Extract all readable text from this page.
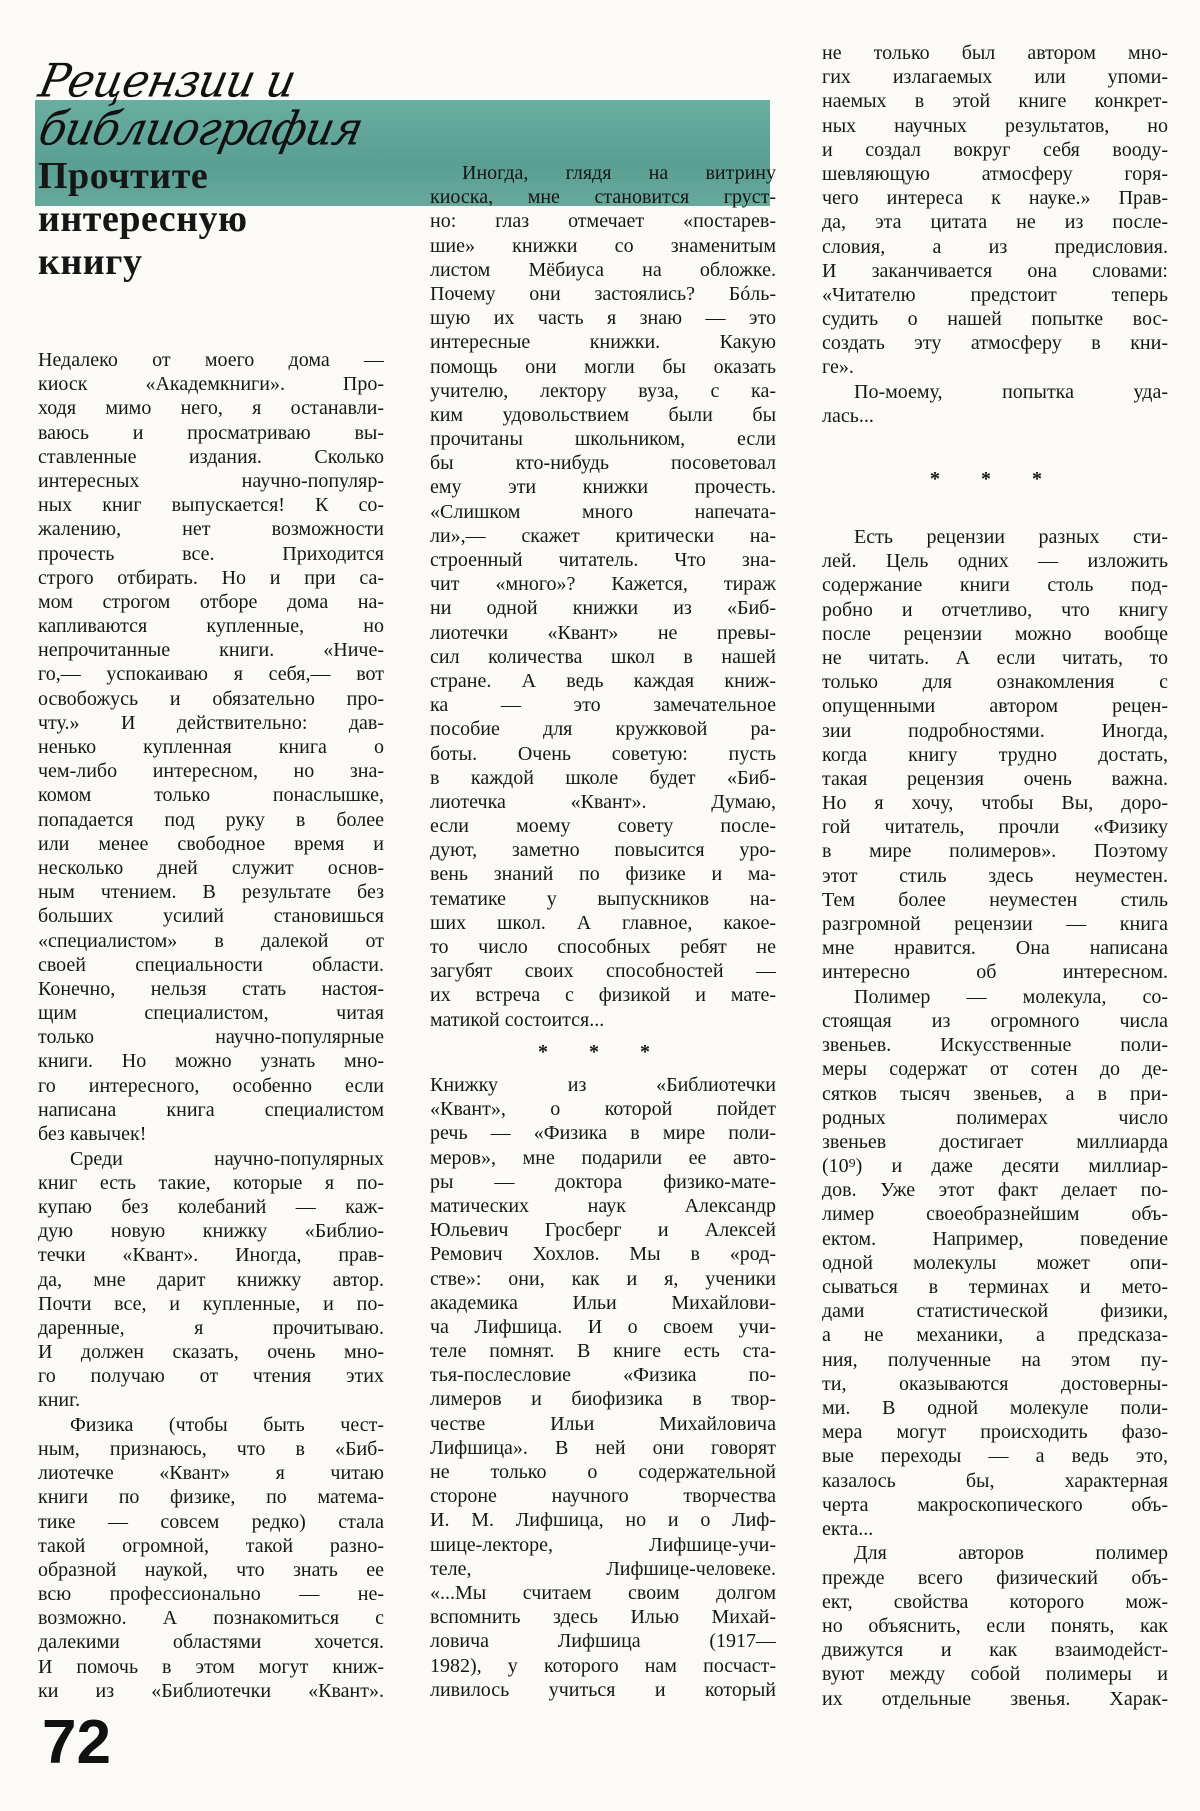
Рецензии и
библиография
Прочтите
интересную
книгу
Недалеко от моего дома —
киоск «Академкниги». Про-
ходя мимо него, я останавли-
ваюсь и просматриваю вы-
ставленные издания. Сколько
интересных научно-популяр-
ных книг выпускается! К со-
жалению, нет возможности
прочесть все. Приходится
строго отбирать. Но и при са-
мом строгом отборе дома на-
капливаются купленные, но
непрочитанные книги. «Ниче-
го,— успокаиваю я себя,— вот
освобожусь и обязательно про-
чту.» И действительно: дав-
ненько купленная книга о
чем-либо интересном, но зна-
комом только понаслышке,
попадается под руку в более
или менее свободное время и
несколько дней служит основ-
ным чтением. В результате без
больших усилий становишься
«специалистом» в далекой от
своей специальности области.
Конечно, нельзя стать настоя-
щим специалистом, читая
только научно-популярные
книги. Но можно узнать мно-
го интересного, особенно если
написана книга специалистом
без кавычек!
Среди научно-популярных
книг есть такие, которые я по-
купаю без колебаний — каж-
дую новую книжку «Библио-
течки «Квант». Иногда, прав-
да, мне дарит книжку автор.
Почти все, и купленные, и по-
даренные, я прочитываю.
И должен сказать, очень мно-
го получаю от чтения этих
книг.
Физика (чтобы быть чест-
ным, признаюсь, что в «Биб-
лиотечке «Квант» я читаю
книги по физике, по матема-
тике — совсем редко) стала
такой огромной, такой разно-
образной наукой, что знать ее
всю профессионально — не-
возможно. А познакомиться с
далекими областями хочется.
И помочь в этом могут книж-
ки из «Библиотечки «Квант».
Иногда, глядя на витрину
киоска, мне становится груст-
но: глаз отмечает «постарев-
шие» книжки со знаменитым
листом Мёбиуса на обложке.
Почему они застоялись? Бóль-
шую их часть я знаю — это
интересные книжки. Какую
помощь они могли бы оказать
учителю, лектору вуза, с ка-
ким удовольствием были бы
прочитаны школьником, если
бы кто-нибудь посоветовал
ему эти книжки прочесть.
«Слишком много напечата-
ли»,— скажет критически на-
строенный читатель. Что зна-
чит «много»? Кажется, тираж
ни одной книжки из «Биб-
лиотечки «Квант» не превы-
сил количества школ в нашей
стране. А ведь каждая книж-
ка — это замечательное
пособие для кружковой ра-
боты. Очень советую: пусть
в каждой школе будет «Биб-
лиотечка «Квант». Думаю,
если моему совету после-
дуют, заметно повысится уро-
вень знаний по физике и ма-
тематике у выпускников на-
ших школ. А главное, какое-
то число способных ребят не
загубят своих способностей —
их встреча с физикой и мате-
матикой состоится...
Книжку из «Библиотечки
«Квант», о которой пойдет
речь — «Физика в мире поли-
меров», мне подарили ее авто-
ры — доктора физико-мате-
матических наук Александр
Юльевич Гросберг и Алексей
Ремович Хохлов. Мы в «род-
стве»: они, как и я, ученики
академика Ильи Михайлови-
ча Лифшица. И о своем учи-
теле помнят. В книге есть ста-
тья-послесловие «Физика по-
лимеров и биофизика в твор-
честве Ильи Михайловича
Лифшица». В ней они говорят
не только о содержательной
стороне научного творчества
И. М. Лифшица, но и о Лиф-
шице-лекторе, Лифшице-учи-
теле, Лифшице-человеке.
«...Мы считаем своим долгом
вспомнить здесь Илью Михай-
ловича Лифшица (1917—
1982), у которого нам посчаст-
ливилось учиться и который
* * *
не только был автором мно-
гих излагаемых или упоми-
наемых в этой книге конкрет-
ных научных результатов, но
и создал вокруг себя вооду-
шевляющую атмосферу горя-
чего интереса к науке.» Прав-
да, эта цитата не из после-
словия, а из предисловия.
И заканчивается она словами:
«Читателю предстоит теперь
судить о нашей попытке вос-
создать эту атмосферу в кни-
ге».
По-моему, попытка уда-
лась...
Есть рецензии разных сти-
лей. Цель одних — изложить
содержание книги столь под-
робно и отчетливо, что книгу
после рецензии можно вообще
не читать. А если читать, то
только для ознакомления с
опущенными автором рецен-
зии подробностями. Иногда,
когда книгу трудно достать,
такая рецензия очень важна.
Но я хочу, чтобы Вы, доро-
гой читатель, прочли «Физику
в мире полимеров». Поэтому
этот стиль здесь неуместен.
Тем более неуместен стиль
разгромной рецензии — книга
мне нравится. Она написана
интересно об интересном.
Полимер — молекула, со-
стоящая из огромного числа
звеньев. Искусственные поли-
меры содержат от сотен до де-
сятков тысяч звеньев, а в при-
родных полимерах число
звеньев достигает миллиарда
(10⁹) и даже десяти миллиар-
дов. Уже этот факт делает по-
лимер своеобразнейшим объ-
ектом. Например, поведение
одной молекулы может опи-
сываться в терминах и мето-
дами статистической физики,
а не механики, а предсказа-
ния, полученные на этом пу-
ти, оказываются достоверны-
ми. В одной молекуле поли-
мера могут происходить фазо-
вые переходы — а ведь это,
казалось бы, характерная
черта макроскопического объ-
екта...
Для авторов полимер
прежде всего физический объ-
ект, свойства которого мож-
но объяснить, если понять, как
движутся и как взаимодейст-
вуют между собой полимеры и
их отдельные звенья. Харак-
* * *
72
